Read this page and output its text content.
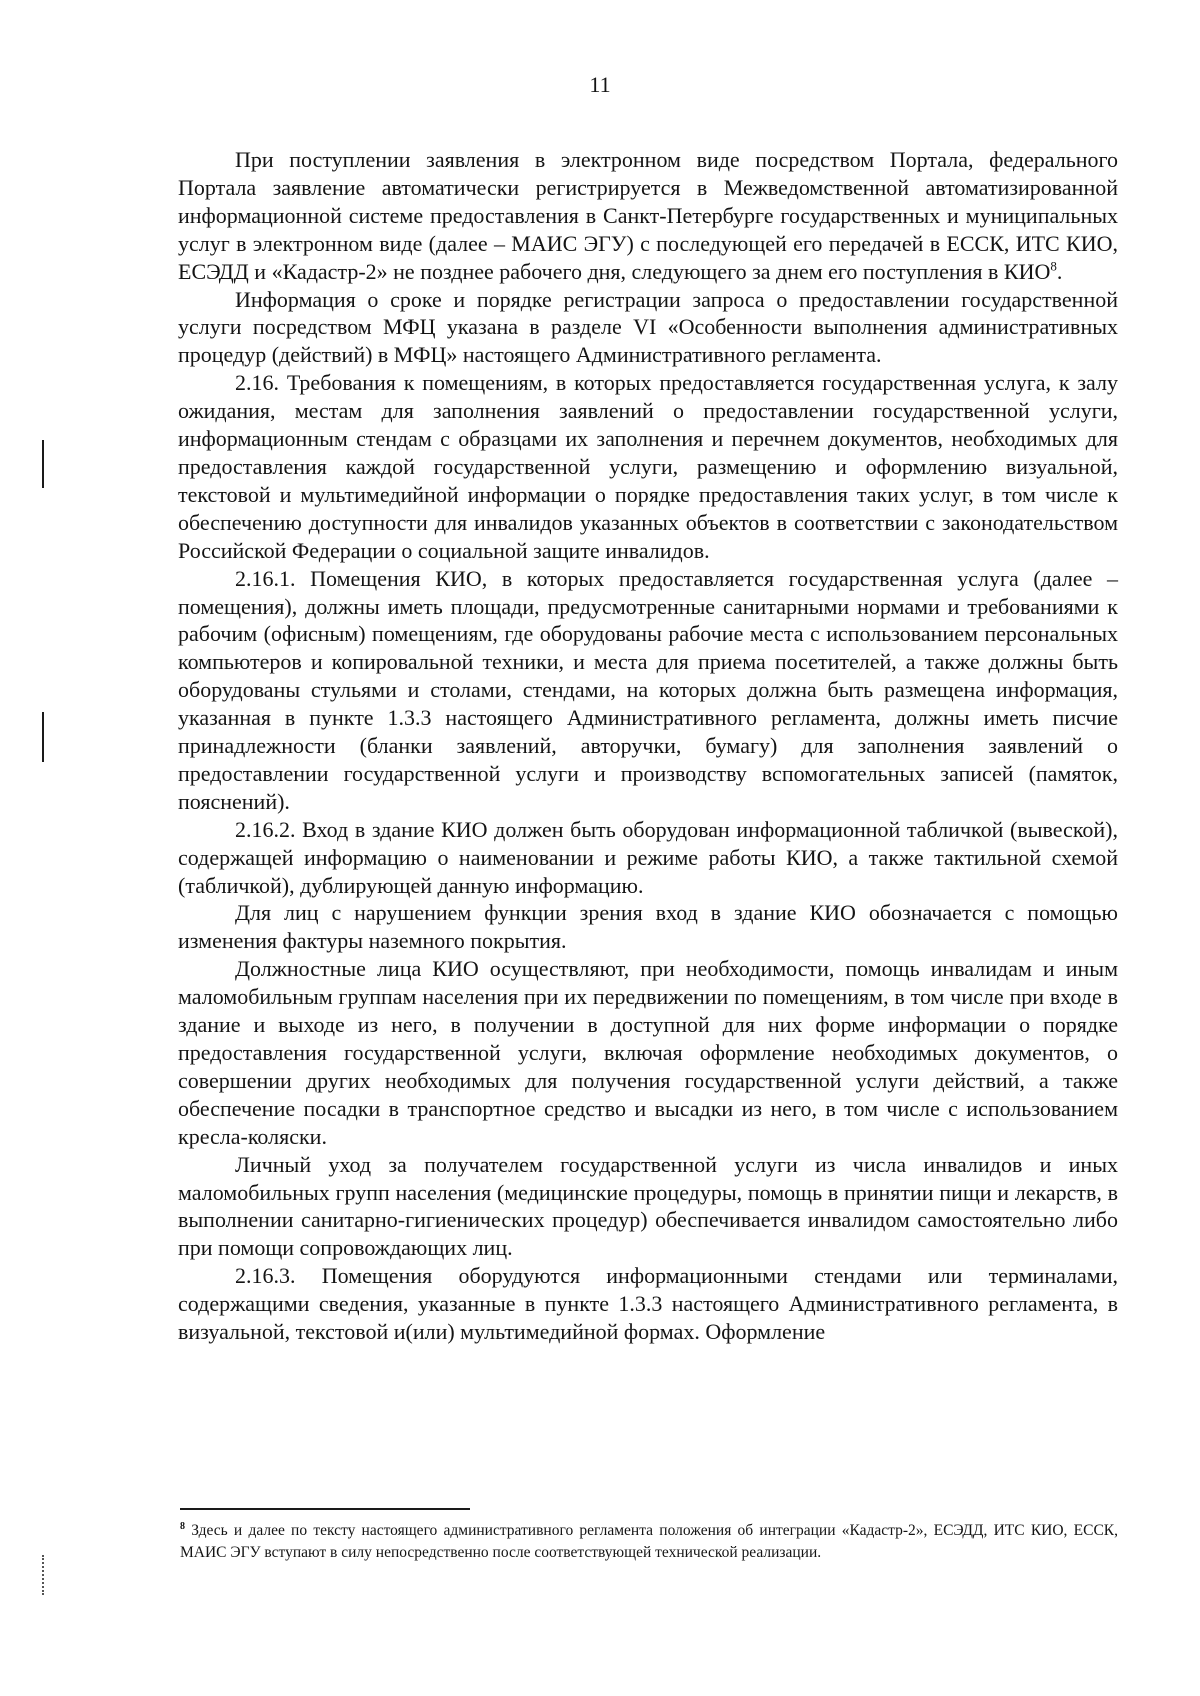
11

При поступлении заявления в электронном виде посредством Портала, федерального Портала заявление автоматически регистрируется в Межведомственной автоматизированной информационной системе предоставления в Санкт-Петербурге государственных и муниципальных услуг в электронном виде (далее – МАИС ЭГУ) с последующей его передачей в ЕССК, ИТС КИО, ЕСЭДД и «Кадастр-2» не позднее рабочего дня, следующего за днем его поступления в КИО$^8$.

Информация о сроке и порядке регистрации запроса о предоставлении государственной услуги посредством МФЦ указана в разделе VI «Особенности выполнения административных процедур (действий) в МФЦ» настоящего Административного регламента.

2.16. Требования к помещениям, в которых предоставляется государственная услуга, к залу ожидания, местам для заполнения заявлений о предоставлении государственной услуги, информационным стендам с образцами их заполнения и перечнем документов, необходимых для предоставления каждой государственной услуги, размещению и оформлению визуальной, текстовой и мультимедийной информации о порядке предоставления таких услуг, в том числе к обеспечению доступности для инвалидов указанных объектов в соответствии с законодательством Российской Федерации о социальной защите инвалидов.

2.16.1. Помещения КИО, в которых предоставляется государственная услуга (далее – помещения), должны иметь площади, предусмотренные санитарными нормами и требованиями к рабочим (офисным) помещениям, где оборудованы рабочие места с использованием персональных компьютеров и копировальной техники, и места для приема посетителей, а также должны быть оборудованы стульями и столами, стендами, на которых должна быть размещена информация, указанная в пункте 1.3.3 настоящего Административного регламента, должны иметь писчие принадлежности (бланки заявлений, авторучки, бумагу) для заполнения заявлений о предоставлении государственной услуги и производству вспомогательных записей (памяток, пояснений).

2.16.2. Вход в здание КИО должен быть оборудован информационной табличкой (вывеской), содержащей информацию о наименовании и режиме работы КИО, а также тактильной схемой (табличкой), дублирующей данную информацию.

Для лиц с нарушением функции зрения вход в здание КИО обозначается с помощью изменения фактуры наземного покрытия.

Должностные лица КИО осуществляют, при необходимости, помощь инвалидам и иным маломобильным группам населения при их передвижении по помещениям, в том числе при входе в здание и выходе из него, в получении в доступной для них форме информации о порядке предоставления государственной услуги, включая оформление необходимых документов, о совершении других необходимых для получения государственной услуги действий, а также обеспечение посадки в транспортное средство и высадки из него, в том числе с использованием кресла-коляски.

Личный уход за получателем государственной услуги из числа инвалидов и иных маломобильных групп населения (медицинские процедуры, помощь в принятии пищи и лекарств, в выполнении санитарно-гигиенических процедур) обеспечивается инвалидом самостоятельно либо при помощи сопровождающих лиц.

2.16.3. Помещения оборудуются информационными стендами или терминалами, содержащими сведения, указанные в пункте 1.3.3 настоящего Административного регламента, в визуальной, текстовой и(или) мультимедийной формах. Оформление

$^8$ Здесь и далее по тексту настоящего административного регламента положения об интеграции «Кадастр-2», ЕСЭДД, ИТС КИО, ЕССК, МАИС ЭГУ вступают в силу непосредственно после соответствующей технической реализации.
